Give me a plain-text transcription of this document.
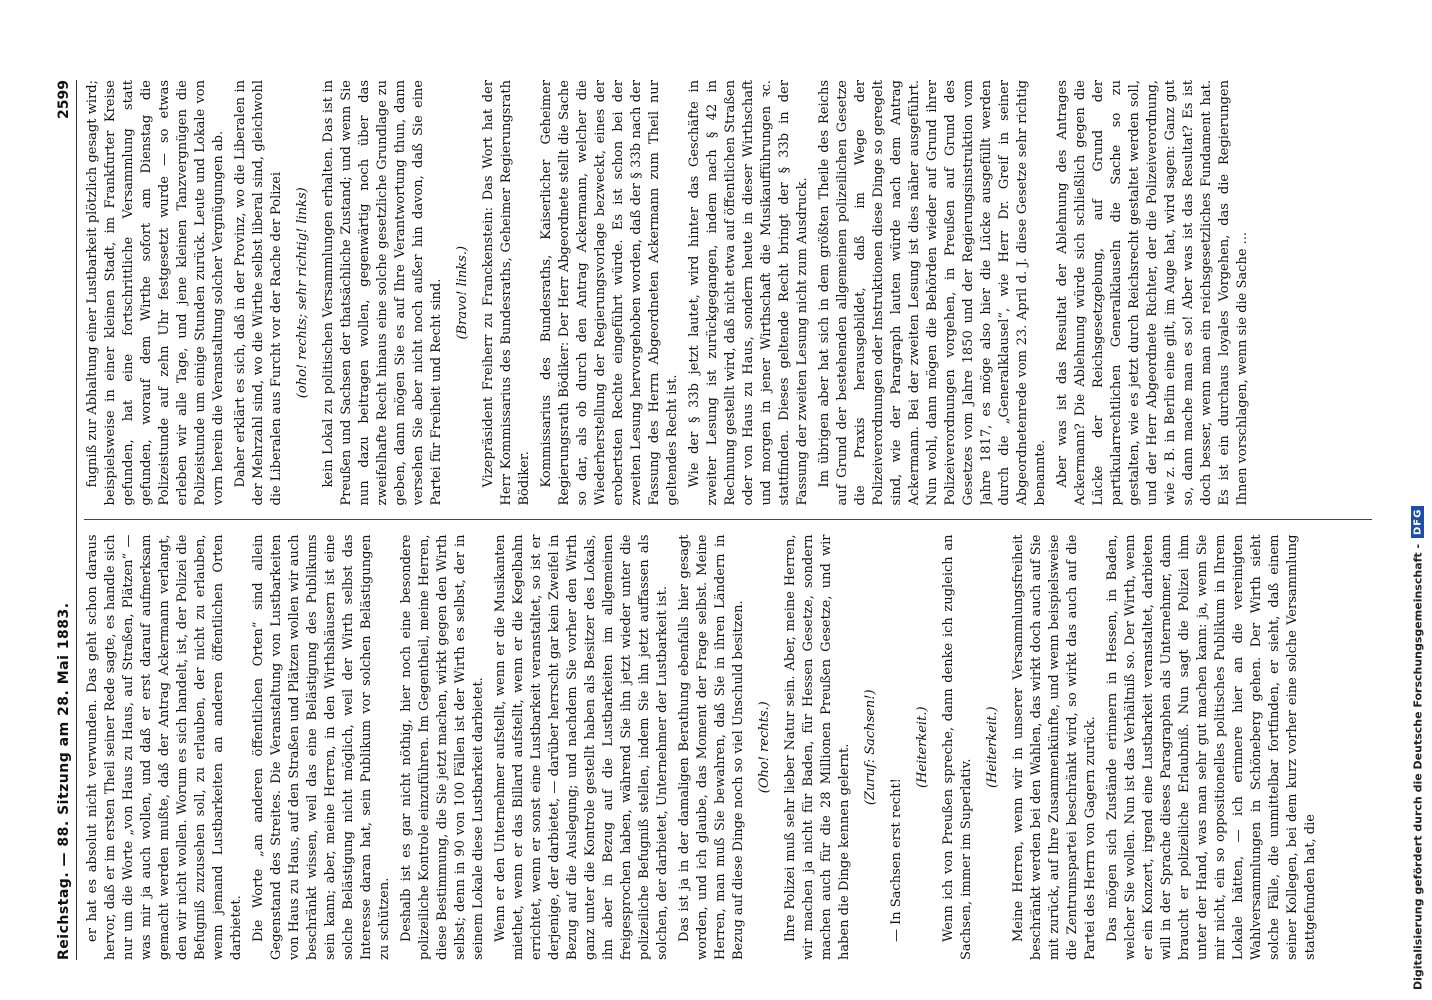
Reichstag. — 88. Sitzung am 28. Mai 1883.
2599

er hat es absolut nicht verwunden. Das geht schon daraus hervor, daß er im ersten Theil seiner Rede sagte, es handle sich nur um die Worte „von Haus zu Haus, auf Straßen, Plätzen“ — was mir ja auch wollen, und daß er erst darauf aufmerksam gemacht werden mußte, daß der Antrag Ackermann verlangt, den wir nicht wollen. Worum es sich handelt, ist, der Polizei die Befugniß zuzusehen soll, zu erlauben, der nicht zu erlauben, wenn jemand Lustbarkeiten an anderen öffentlichen Orten darbietet. Die Worte „an anderen öffentlichen Orten“ sind allein Gegenstand des Streites. Die Veranstaltung von Lustbarkeiten von Haus zu Haus, auf den Straßen und Plätzen wollen wir auch beschränkt wissen, weil das eine Belästigung des Publikums sein kann; aber, meine Herren, in den Wirthshäusern ist eine solche Belästigung nicht möglich, weil der Wirth selbst das Interesse daran hat, sein Publikum vor solchen Belästigungen zu schützen. Deshalb ist es gar nicht nöthig, hier noch eine besondere polizeiliche Kontrole einzuführen. Im Gegentheil, meine Herren, diese Bestimmung, die Sie jetzt machen, wirkt gegen den Wirth selbst; denn in 90 von 100 Fällen ist der Wirth es selbst, der in seinem Lokale diese Lustbarkeit darbietet. Wenn er den Unternehmer aufstellt, wenn er die Musikanten miethet, wenn er das Billard aufstellt, wenn er die Kegelbahn errichtet, wenn er sonst eine Lustbarkeit veranstaltet, so ist er derjenige, der darbietet, — darüber herrscht gar kein Zweifel in Bezug auf die Auslegung; und nachdem Sie vorher den Wirth ganz unter die Kontrole gestellt haben als Besitzer des Lokals, ihn aber in Bezug auf die Lustbarkeiten im allgemeinen freigesprochen haben, während Sie ihn jetzt wieder unter die polizeiliche Befugniß stellen, indem Sie ihn jetzt auffassen als solchen, der darbietet, Unternehmer der Lustbarkeit ist. Das ist ja in der damaligen Berathung ebenfalls hier gesagt worden, und ich glaube, das Moment der Frage selbst. Meine Herren, man muß Sie bewahren, daß Sie in ihren Ländern in Bezug auf diese Dinge noch so viel Unschuld besitzen. (Oho! rechts.) Ihre Polizei muß sehr lieber Natur sein. Aber, meine Herren, wir machen ja nicht für Baden, für Hessen Gesetze, sondern machen auch für die 28 Millionen Preußen Gesetze, und wir haben die Dinge kennen gelernt. (Zuruf: Sachsen!)

— In Sachsen erst recht!

(Heiterkeit.) Wenn ich von Preußen spreche, dann denke ich zugleich an Sachsen, immer im Superlativ.

(Heiterkeit.) Meine Herren, wenn wir in unserer Versammlungsfreiheit beschränkt werden bei den Wahlen, das wirkt doch auch auf Sie mit zurück, auf Ihre Zusammenkünfte, und wenn beispielsweise die Zentrumspartei beschränkt wird, so wirkt das auch auf die Partei des Herrn von Gagern zurück. Das mögen sich Zustände erinnern in Hessen, in Baden, welcher Sie wollen. Nun ist das Verhältniß so. Der Wirth, wenn er ein Konzert, irgend eine Lustbarkeit veranstaltet, darbieten will in der Sprache dieses Paragraphen als Unternehmer, dann braucht er polizeiliche Erlaubniß. Nun sagt die Polizei ihm unter der Hand, was man sehr gut machen kann: ja, wenn Sie mir nicht, ein so oppositionelles politisches Publikum in Ihrem Lokale hätten, — ich erinnere hier an die vereinigten Wahlversammlungen in Schöneberg gehen. Der Wirth sieht solche Fälle, die unmittelbar fortfinden, er sieht, daß einem seiner Kollegen, bei dem kurz vorher eine solche Versammlung stattgefunden hat, die

fugniß zur Abhaltung einer Lustbarkeit plötzlich gesagt wird; beispielsweise in einer kleinen Stadt, im Frankfurter Kreise gefunden, hat eine fortschrittliche Versammlung statt gefunden, worauf dem Wirthe sofort am Dienstag die Polizeistunde auf zehn Uhr festgesetzt wurde — so etwas erleben wir alle Tage, und jene kleinen Tanzvergnügen die Polizeistunde um einige Stunden zurück. Leute und Lokale von vorn herein die Veranstaltung solcher Vergnügungen ab. Daher erklärt es sich, daß in der Provinz, wo die Liberalen in der Mehrzahl sind, wo die Wirthe selbst liberal sind, gleichwohl die Liberalen aus Furcht vor der Rache der Polizei (oho! rechts; sehr richtig! links) kein Lokal zu politischen Versammlungen erhalten. Das ist in Preußen und Sachsen der thatsächliche Zustand; und wenn Sie nun dazu beitragen wollen, gegenwärtig noch über das zweifelhafte Recht hinaus eine solche gesetzliche Grundlage zu geben, dann mögen Sie es auf Ihre Verantwortung thun, dann versehen Sie aber nicht noch außer hin davon, daß Sie eine Partei für Freiheit und Recht sind. (Bravo! links.) Vizepräsident Freiherr zu Franckenstein: Das Wort hat der Herr Kommissarius des Bundesraths, Geheimer Regierungsrath Bödiker. Kommissarius des Bundesraths, Kaiserlicher Geheimer Regierungsrath Bödiker: Der Herr Abgeordnete stellt die Sache so dar, als ob durch den Antrag Ackermann, welcher die Wiederherstellung der Regierungsvorlage bezweckt, eines der erobertsten Rechte eingeführt würde. Es ist schon bei der zweiten Lesung hervorgehoben worden, daß der § 33b nach der Fassung des Herrn Abgeordneten Ackermann zum Theil nur geltendes Recht ist. Wie der § 33b jetzt lautet, wird hinter das Geschäfte in zweiter Lesung ist zurückgegangen, indem nach § 42 in Rechnung gestellt wird, daß nicht etwa auf öffentlichen Straßen oder von Haus zu Haus, sondern heute in dieser Wirthschaft und morgen in jener Wirthschaft die Musikaufführungen ꝛc. stattfinden. Dieses geltende Recht bringt der § 33b in der Fassung der zweiten Lesung nicht zum Ausdruck. Im übrigen aber hat sich in dem größten Theile des Reichs auf Grund der bestehenden allgemeinen polizeilichen Gesetze die Praxis herausgebildet, daß im Wege der Polizeiverordnungen oder Instruktionen diese Dinge so geregelt sind, wie der Paragraph lauten würde nach dem Antrag Ackermann. Bei der zweiten Lesung ist dies näher ausgeführt. Nun wohl, dann mögen die Behörden wieder auf Grund ihrer Polizeiverordnungen vorgehen, in Preußen auf Grund des Gesetzes vom Jahre 1850 und der Regierungsinstruktion vom Jahre 1817, es möge also hier die Lücke ausgefüllt werden durch die „Generalklausel“, wie Herr Dr. Greif in seiner Abgeordnetenrede vom 23. April d. J. diese Gesetze sehr richtig benannte. Aber was ist das Resultat der Ablehnung des Antrages Ackermann? Die Ablehnung würde sich schließlich gegen die Lücke der Reichsgesetzgebung, auf Grund der partikularrechtlichen Generalklauseln die Sache so zu gestalten, wie es jetzt durch Reichsrecht gestaltet werden soll, und der Herr Abgeordnete Richter, der die Polizeiverordnung, wie z. B. in Berlin eine gilt, im Auge hat, wird sagen: Ganz gut so, dann mache man es so! Aber was ist das Resultat? Es ist doch besser, wenn man ein reichsgesetzliches Fundament hat. Es ist ein durchaus loyales Vorgehen, das die Regierungen Ihnen vorschlagen, wenn sie die Sache ...

Digitalisierung gefördert durch die Deutsche Forschungsgemeinschaft -
DFG
